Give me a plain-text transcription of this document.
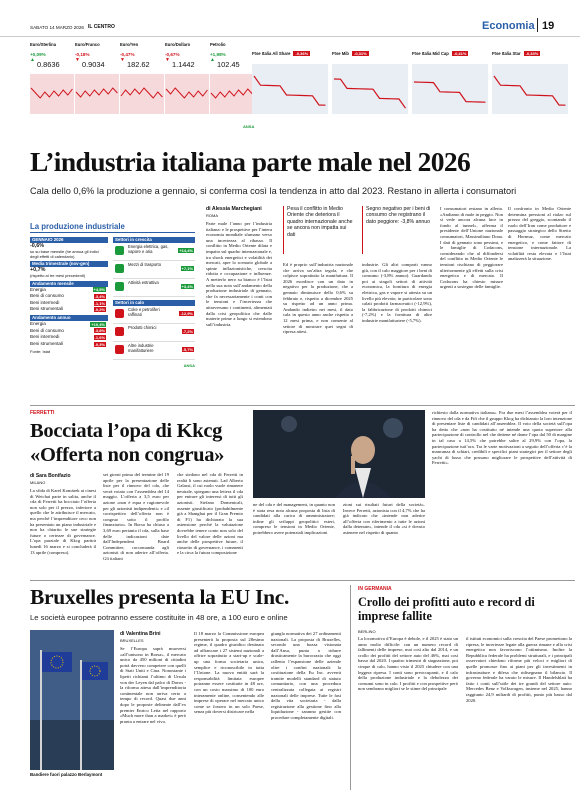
SABATO 14 MARZO 2026 IL CENTRO	Economia 19
Euro/Sterlina
+0,09%
▲ 0.8636
Euro/Franco
-0,18%
▼ 0.9034
Euro/Yen
-0,47%
▼ 182.62
Euro/Dollaro
-0,67%
▼ 1.1442
Petrolio
+1,98%
▲ 102.45
Ftse Italia All Share -0,36%	Ftse Mib -0,31%	Ftse Italia Mid Cap -0,41%	Ftse Italia Star -0,33%
ANSA
L’industria italiana parte male nel 2026
Cala dello 0,6% la produzione a gennaio, si conferma così la tendenza in atto dal 2023. Restano in allerta i consumatori
La produzione industriale
GENNAIO 2026
-0,6%
su su base mensile (he annua gli indici degli effetti di calendario)
Media trimestrale (nov-gen)
+0,7%
(rispetto ai tre mesi precedenti)
Andamento mensile
Energia	+4,5%
Beni di consumo	-3,4%
Beni intermedi	-1,1%
Beni strumentali	-0,2%
Andamento annuo
Energia	+10,4%
Beni di consumo	-3,8%
Beni intermedi	-1,6%
Beni strumentali	-0,3%
Fonte: Istat
Settori in crescita
Energia elettrica, gas, vapore e aria	+14,4%
Mezzi di trasporto
+7,1%
Attività estrattiva
+3,4%
Settori in calo
Coke e petroliferi raffinati	-12,9%
Prodotti chimici
-7,2%
Altre industrie manifatturiere	-5,7%
ANSA
di Alessia Marchegiani
ROMA
Parte male l’anno per l’industria italiana: e le prospettive per l’intera economia mondiale sfumano verso una incertezza al ribasso. Il conflitto in Medio Oriente dilata e impatto sul quadro internazionale e, tra shock energetici e volatilità dei mercati, apre lo scenario globale a spinte inflazionistiche, crescita ridotta e occupazione e influenze. A metterlo nero su bianco è l’Istat nella sua nota sull’andamento della produzione industriale di gennaio, che fa necessariamente i conti con le tensioni e l’incertezza che attraversano i continenti, alimentati dalla crisi geopolitica che dalle materie prime a lungo si estendono sull’industria.
Pesa il conflitto in Medio Oriente che deteriora il quadro internazionale anche se ancora non impatta sui dati
Segno negativo per i beni di consumo che registrano il dato peggiore: -3,8% annuo
Ed è proprio sull’industria nazionale che arriva un’altra tegola, e che colpisce soprattutto la manifattura. Il 2026 esordisce con un dato in negativo per la produzione, che a gennaio diminuisce dello 0,6% su febbraio e, rispetto a dicembre 2025 su rispetto ad un anno prima. Andando indietro nei mesi, il dato cala in questo anno anche rispetto a 12 mesi prima, e non consente al settore di mostrare quei segni di ripresa attesi.
industrie. Gli altri comparti vanno giù, con il calo maggiore per i beni di consumo (-3,8% annuo). Guardando poi ai singoli settori di attività economica, la fornitura di energia elettrica, gas e vapore si attesta su un livello più elevato; in particolare sono calati prodotti farmaceutici (-12,9%), la fabbricazione di prodotti chimici (-7,2%) e la fornitura di altre industrie manifatturiere (-5,7%).
I consumatori restano in allerta. «Andiamo di male in peggio. Non si vede ancora alcuna luce in fondo al tunnel», afferma il presidente dell’Unione nazionale consumatori, Massimiliano Dona. I dati di gennaio sono pessimi, e le famiglie di Codacons, considerando che al diffondersi del conflitto in Medio Oriente le tensioni rischiano di peggiorare ulteriormente gli effetti sulla crisi energetica e di mercato. Il Codacons ha chiesto misure urgenti a sostegno delle famiglie.
Il confronto in Medio Oriente determina pressioni al rialzo sul prezzo del greggio, scontando il ruolo dell’Iran come produttore e passaggio strategico dello Stretto di Hormuz, come mercato energetico, e come fattore di tensione internazionale. La volatilità resta elevata e l’Istat analizzerà la situazione.
FERRETTI
Bocciata l’opa di Kkcg
«Offerta non congrua»
di Sara Bonifazio
MILANO
La sfida di Karel Komárek ai cinesi di Weichai parte in salita, anche il cda di Ferretti ha bocciato l’offerta non solo per il prezzo, inferiore a quello che le attribuisce il mercato, ma perché l’imprenditore ceco non ha presentato un piano industriale e non ha chiarito le sue strategie future o certezze di governance. L’opa parziale di Kkcg partirà lunedì 16 marzo e si concluderà il 13 aprile (compreso).
sei giorni prima del termine del 19 aprile per la presentazione delle liste per il rinnovo del cda, che verrà votato con l’assemblea del 14 maggio. L’offerta a 3,5 euro per azione «non è equa e ragionevole per gli azionisti indipendenti» e «il corrispettivo dell’offerta non è congruo sotto il profilo finanziario». In Borsa ha chiuso a 3,69 euro pertanto il cda, sulla base delle indicazioni date dall’Independent Board Committee, raccomanda agli azionisti di non aderire all’offerta. Gli italiani
che siedono nel cda di Ferretti in realtà li sono astenuti. Lad Alberto Galassi, il cui ruolo vuole rimanere neutrale, spiegano una lettera il cda per entrare gli interessi di tutti gli azionisti. Stefano Domenicali, assente giustificato (probabilmente già a Shanghai per il Gran Premio di F1) ha dichiarato la sua astensione perché la valutazione dovrebbe tenere conto non solo del livello del valore delle azioni ma anche delle prospettive future, il riassetto di governance, i commenti e la circa la futura composizione
ne del cda e del management, in quanto non è stata resa nota alcuna proposta di lista di candidati alla carica di amministratore; infine gli sviluppi geopolitici esteri, compreso le tensioni in Medio Oriente, potrebbero avere potenziali implicazioni
zioni sui risultati futuri della società». Invece Ferretti, azionista con il 4,7% che ha già indicato che «intende non aderire all’offerta con riferimento a tutte le azioni dalla detenute», intende il cda «si è dovuto astenere nel rispetto di quanto
richiesto dalla normativa italiana». Fra due mesi l’assemblea voterà per il rinnovo del cda e da Fifi che il gruppo Kkcg ha dichiarato la loro intenzione di presentare liste di candidati all’assemblea. Il voto della società sull’opa ha detto che «non ha costituito né intende una quota superiore alla partecipazione di controllo nel che detiene né darne l’opa dal 50 di margine in tal caso a 14,5% che potrebbe salire al 29,9% con l’opa, la partecipazione tutt’ora. Tra le varie motivazioni a seguito dell’offerta c’è la mancanza di schiari, credibili e specifici piani strategici per il settore degli yacht di lusso che possano migliorare le prospettive dell’attività di Ferretti».
Bruxelles presenta la EU Inc.
Le società europee potranno essere costituite in 48 ore, a 100 euro e online
Bandiere fuori palazzo Berlaymont
di Valentina Brini
BRUXELLES
Se l’Europa saprà muoversi «all’unisono in Borsa», il mercato unico da 450 milioni di cittadini potrà davvero competere con quelli di Stati Uniti e Cina. Nonostante i lipetti richiami l’ultimo di Ursula von der Leyen dal palco di Davos - la riforma attesa dall’imprenditoria continentale non arriva certo a tempo di record. Quasi due anni dopo le proposte delineate dall’ex premier Enrico Letta nel rapporto «Much more than a market» è però pronta a entrare nel vivo.
Il 18 marzo la Commissione europea presenterà la proposta sul 28esimo regime, il quadro giuridico destinato ad affiancare i 27 sistemi nazionali a offrire soprattutto a start-up e scale-up una forma societaria unica, semplice e riconoscibile in tutta l’Unione. La nuova entità sarà la responsabilità limitata europee potranno essere costituite in 48 ore, con un costo massimo di 100 euro interamente online, consentendo alle imprese di operare nel mercato unico come se fossero in un solo Paese, senza più doversi districare nella
giungla normativa dei 27 ordinamenti nazionali. La proposta di Bruxelles, secondo una bozza visionata dall’Ansa, punta a ridurre drasticamente la burocrazia che oggi rallenta l’espansione delle aziende oltre i confini nazionali: la costituzione della Eu Inc. avverrà tramite modelli standard di statuto comunitario, con una procedura centralizzata collegata ai registri nazionali delle imprese. Tutte le fasi della vita societaria - dalla registrazione alla gestione fino alla liquidazione - saranno gestite con procedure completamente digitali.
IN GERMANIA
Crollo dei profitti auto e record di imprese fallite
BERLINO
La locomotiva d’Europa è debole, e il 2025 è stato un anno molto difficile: con un numero record di fallimenti delle imprese, mai così alto dal 2014, e un crollo dei profitti del settore auto del 46%, mai così basso dal 2020. I quattro trimestri di stagnazione, poi cinque di calo, hanno visto il 2025 chiudere con una leggera ripresa. I conti sono preoccupanti, e il calo della produzione industriale e la debolezza dei consumi sono in calo. I profitti e con prospettive però non sembrano migliori se le stime del principale
il istituti economici sulla crescita del Paese promettono la ripresa, le incertezze legate alla guerra rimane e alla crisi energetica non favoriscono l’ottimismo. Inoltre la Repubblica federale ha problemi strutturali, e i principali osservatori chiedono riforme più veloci e migliori di quelle promosse fino ai piani per gli investimenti in infrastrutture e difesa che ridisegnano il bilancio. Il governo federale ha varato le misure. Il Handelsblatt ha fatto i conti sull’utile dei tre grandi del settore auto: Mercedes Benz e Volkswagen, insieme nel 2025, hanno raggiunto 24,9 miliardi di profitti, punto più basso dal 2020.
